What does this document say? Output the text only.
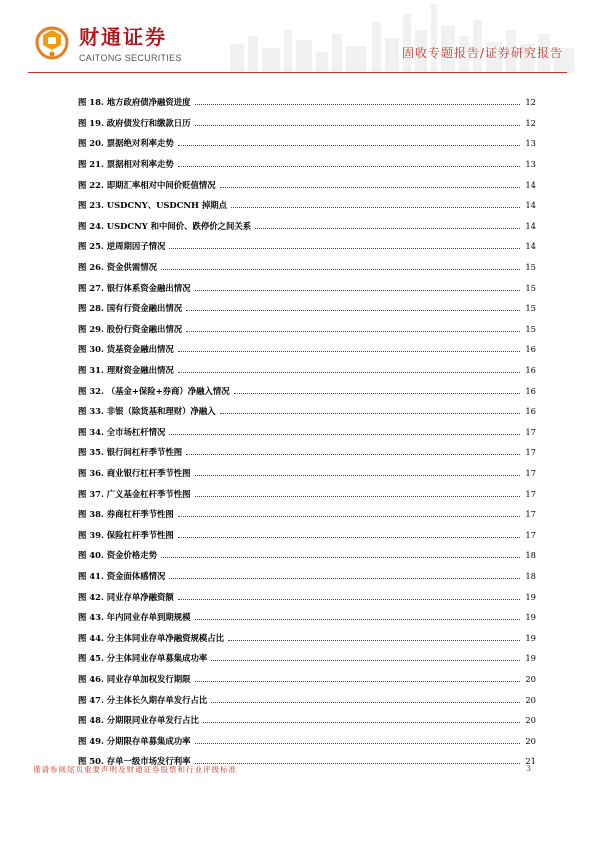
财通证券
CAITONG SECURITIES	固收专题报告/证券研究报告
图 18. 地方政府债净融资进度	12
图 19. 政府债发行和缴款日历	12
图 20. 票据绝对利率走势	13
图 21. 票据相对利率走势	13
图 22. 即期汇率相对中间价贬值情况	14
图 23. USDCNY、USDCNH 掉期点	14
图 24. USDCNY 和中间价、跌停价之间关系	14
图 25. 逆周期因子情况	14
图 26. 资金供需情况	15
图 27. 银行体系资金融出情况	15
图 28. 国有行资金融出情况	15
图 29. 股份行资金融出情况	15
图 30. 货基资金融出情况	16
图 31. 理财资金融出情况	16
图 32. （基金+保险+券商）净融入情况	16
图 33. 非银（除货基和理财）净融入	16
图 34. 全市场杠杆情况	17
图 35. 银行间杠杆季节性图	17
图 36. 商业银行杠杆季节性图	17
图 37. 广义基金杠杆季节性图	17
图 38. 券商杠杆季节性图	17
图 39. 保险杠杆季节性图	17
图 40. 资金价格走势	18
图 41. 资金面体感情况	18
图 42. 同业存单净融资额	19
图 43. 年内同业存单到期规模	19
图 44. 分主体同业存单净融资规模占比	19
图 45. 分主体同业存单募集成功率	19
图 46. 同业存单加权发行期限	20
图 47. 分主体长久期存单发行占比	20
图 48. 分期限同业存单发行占比	20
图 49. 分期限存单募集成功率	20
图 50. 存单一级市场发行利率	21
谨请参阅尾页重要声明及财通证券股票和行业评级标准	3
